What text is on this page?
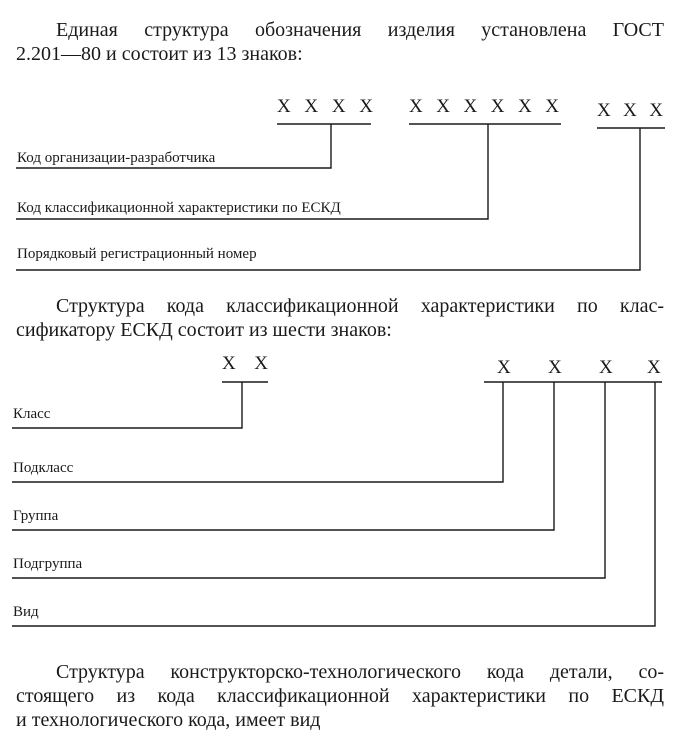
Единая структура обозначения изделия установлена ГОСТ
2.201—80 и состоит из 13 знаков:

Структура кода классификационной характеристики по клас-
сификатору ЕСКД состоит из шести знаков:

Структура конструкторско-технологического кода детали, со-
стоящего из кода классификационной характеристики по ЕСКД
и технологического кода, имеет вид

X X X X X X X X X X X X X
Код организации-разработчика
Код классификационной характеристики по ЕСКД
Порядковый регистрационный номер
X X	X X X X
Класс
Подкласс
Группа
Подгруппа
Вид
